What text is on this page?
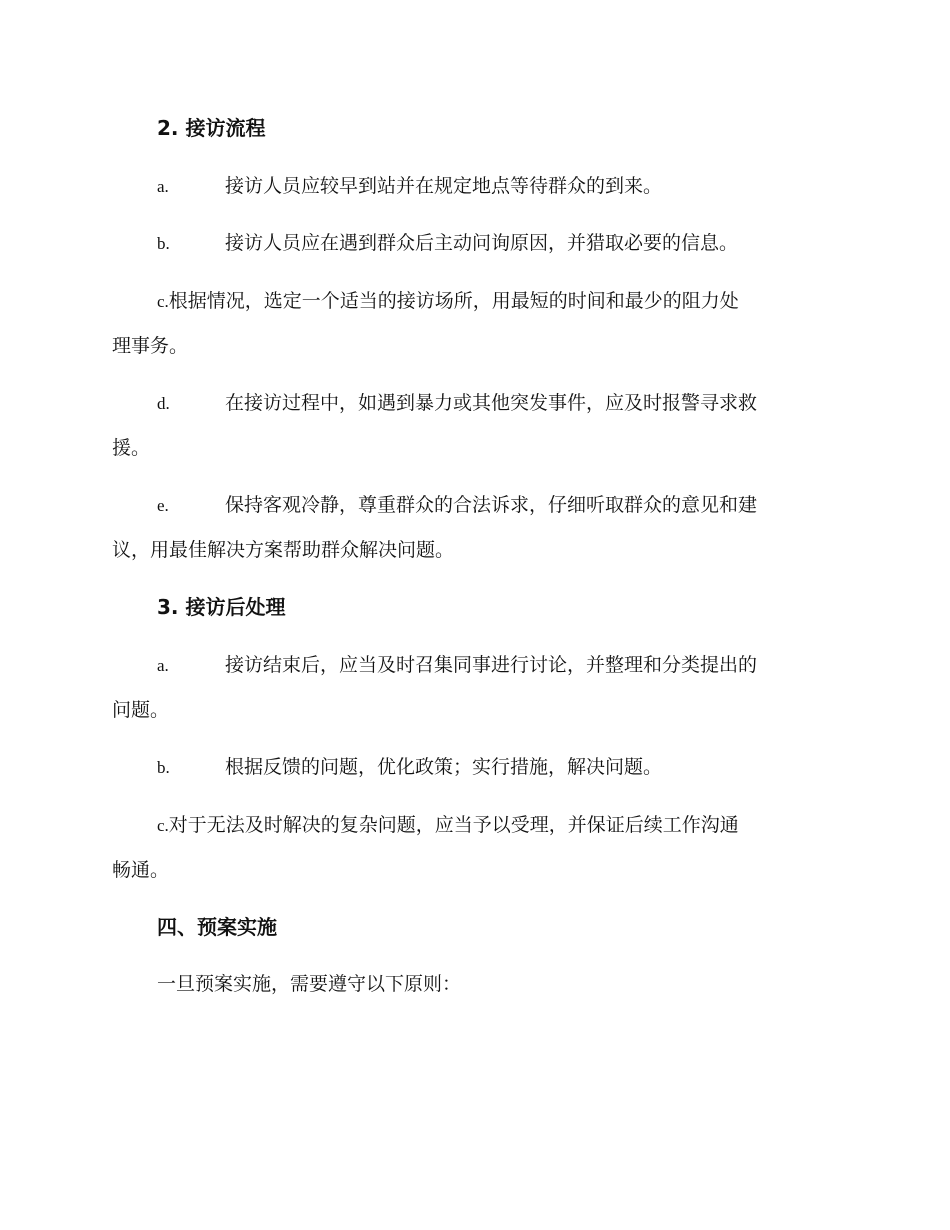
2. 接访流程
a.	接访人员应较早到站并在规定地点等待群众的到来。
b.	接访人员应在遇到群众后主动问询原因，并猎取必要的信息。
c.根据情况，选定一个适当的接访场所，用最短的时间和最少的阻力处
理事务。
d.	在接访过程中，如遇到暴力或其他突发事件，应及时报警寻求救
援。
e.	保持客观冷静，尊重群众的合法诉求，仔细听取群众的意见和建
议，用最佳解决方案帮助群众解决问题。
3. 接访后处理
a.	接访结束后，应当及时召集同事进行讨论，并整理和分类提出的
问题。
b.	根据反馈的问题，优化政策；实行措施，解决问题。
c.对于无法及时解决的复杂问题，应当予以受理，并保证后续工作沟通
畅通。
四、预案实施
一旦预案实施，需要遵守以下原则：
